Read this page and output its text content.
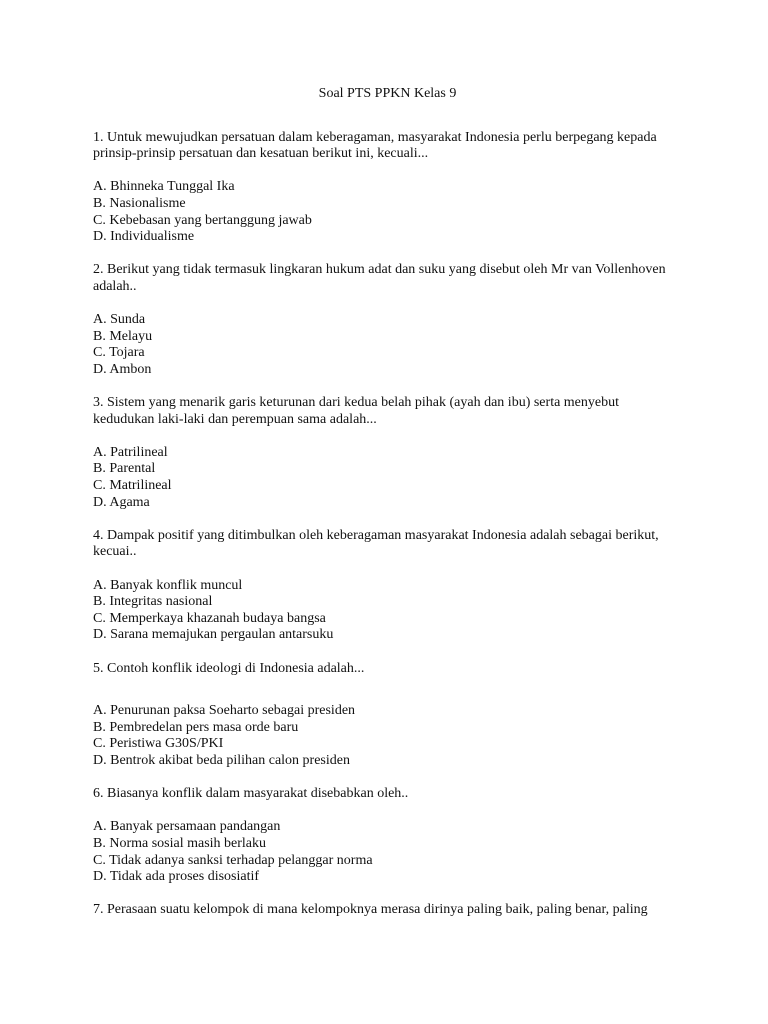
Soal PTS PPKN Kelas 9

1. Untuk mewujudkan persatuan dalam keberagaman, masyarakat Indonesia perlu berpegang kepada prinsip-prinsip persatuan dan kesatuan berikut ini, kecuali...

A. Bhinneka Tunggal Ika
B. Nasionalisme
C. Kebebasan yang bertanggung jawab
D. Individualisme

2. Berikut yang tidak termasuk lingkaran hukum adat dan suku yang disebut oleh Mr van Vollenhoven adalah..

A. Sunda
B. Melayu
C. Tojara
D. Ambon

3. Sistem yang menarik garis keturunan dari kedua belah pihak (ayah dan ibu) serta menyebut kedudukan laki-laki dan perempuan sama adalah...

A. Patrilineal
B. Parental
C. Matrilineal
D. Agama

4. Dampak positif yang ditimbulkan oleh keberagaman masyarakat Indonesia adalah sebagai berikut, kecuai..

A. Banyak konflik muncul
B. Integritas nasional
C. Memperkaya khazanah budaya bangsa
D. Sarana memajukan pergaulan antarsuku

5. Contoh konflik ideologi di Indonesia adalah...

A. Penurunan paksa Soeharto sebagai presiden
B. Pembredelan pers masa orde baru
C. Peristiwa G30S/PKI
D. Bentrok akibat beda pilihan calon presiden

6. Biasanya konflik dalam masyarakat disebabkan oleh..

A. Banyak persamaan pandangan
B. Norma sosial masih berlaku
C. Tidak adanya sanksi terhadap pelanggar norma
D. Tidak ada proses disosiatif

7. Perasaan suatu kelompok di mana kelompoknya merasa dirinya paling baik, paling benar, paling
